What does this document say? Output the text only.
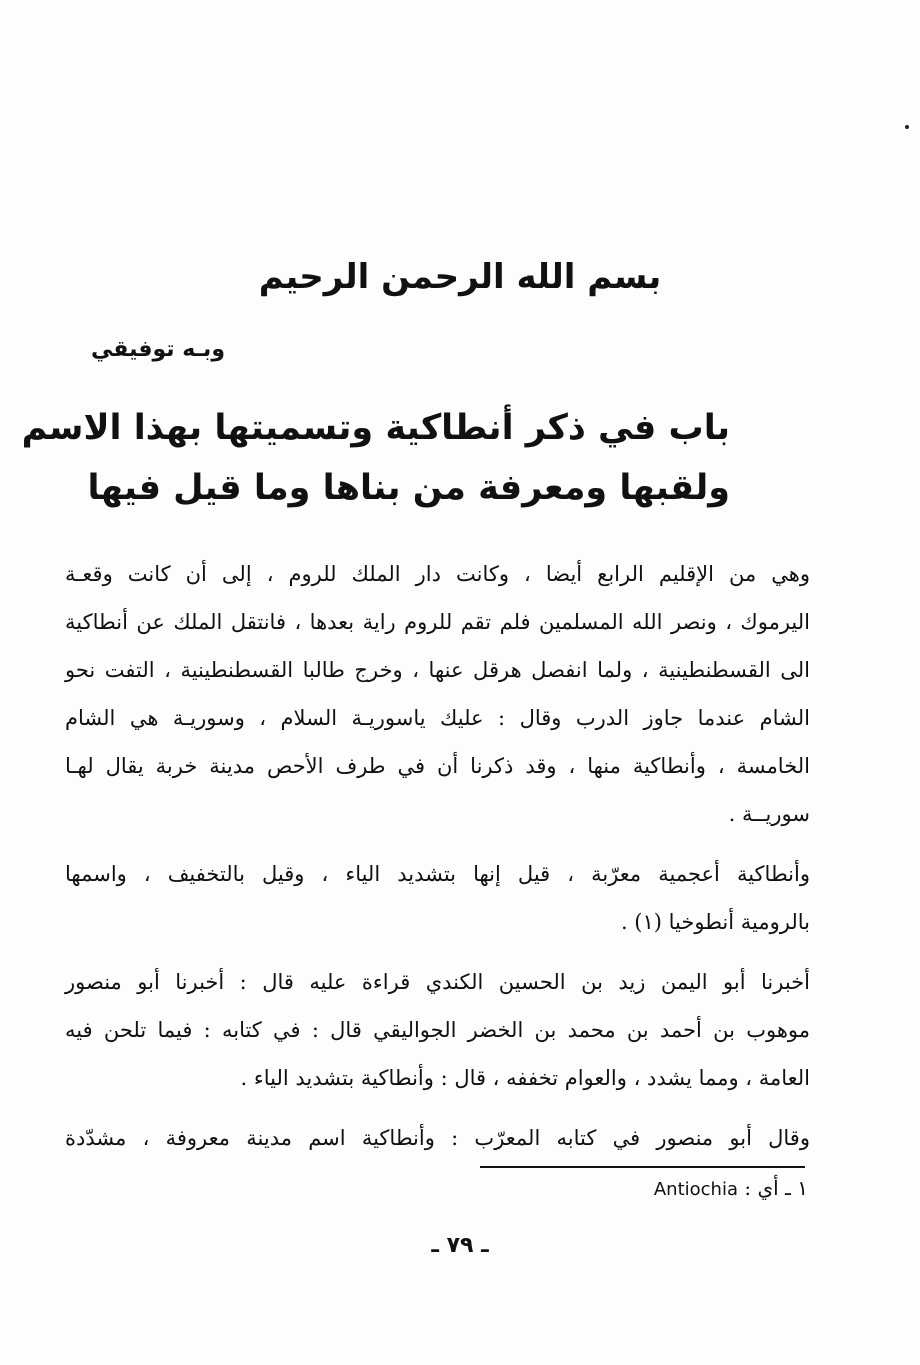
بسم الله الرحمن الرحيم
وبـه توفيقي
باب في ذكر أنطاكية وتسميتها بهذا الاسم
ولقبها ومعرفة من بناها وما قيل فيها

وهي من الإقليم الرابع أيضا ، وكانت دار الملك للروم ، إلى أن كانت وقعـة
اليرموك ، ونصر الله المسلمين فلم تقم للروم راية بعدها ، فانتقل الملك عن أنطاكية
الى القسطنطينية ، ولما انفصل هرقل عنها ، وخرج طالبا القسطنطينية ، التفت نحو
الشام عندما جاوز الدرب وقال : عليك ياسوريـة السلام ، وسوريـة هي الشام
الخامسة ، وأنطاكية منها ، وقد ذكرنا أن في طرف الأحص مدينة خربة يقال لهـا
سوريــة .

وأنطاكية أعجمية معرّبة ، قيل إنها بتشديد الياء ، وقيل بالتخفيف ، واسمها
بالرومية أنطوخيا (١) .

أخبرنا أبو اليمن زيد بن الحسين الكندي قراءة عليه قال : أخبرنا أبو منصور
موهوب بن أحمد بن محمد بن الخضر الجواليقي قال : في كتابه : فيما تلحن فيه
العامة ، ومما يشدد ، والعوام تخففه ، قال : وأنطاكية بتشديد الياء .

وقال أبو منصور في كتابه المعرّب : وأنطاكية اسم مدينة معروفة ، مشدّدة

١ ـ أي : Antiochia
ـ ٧٩ ـ
